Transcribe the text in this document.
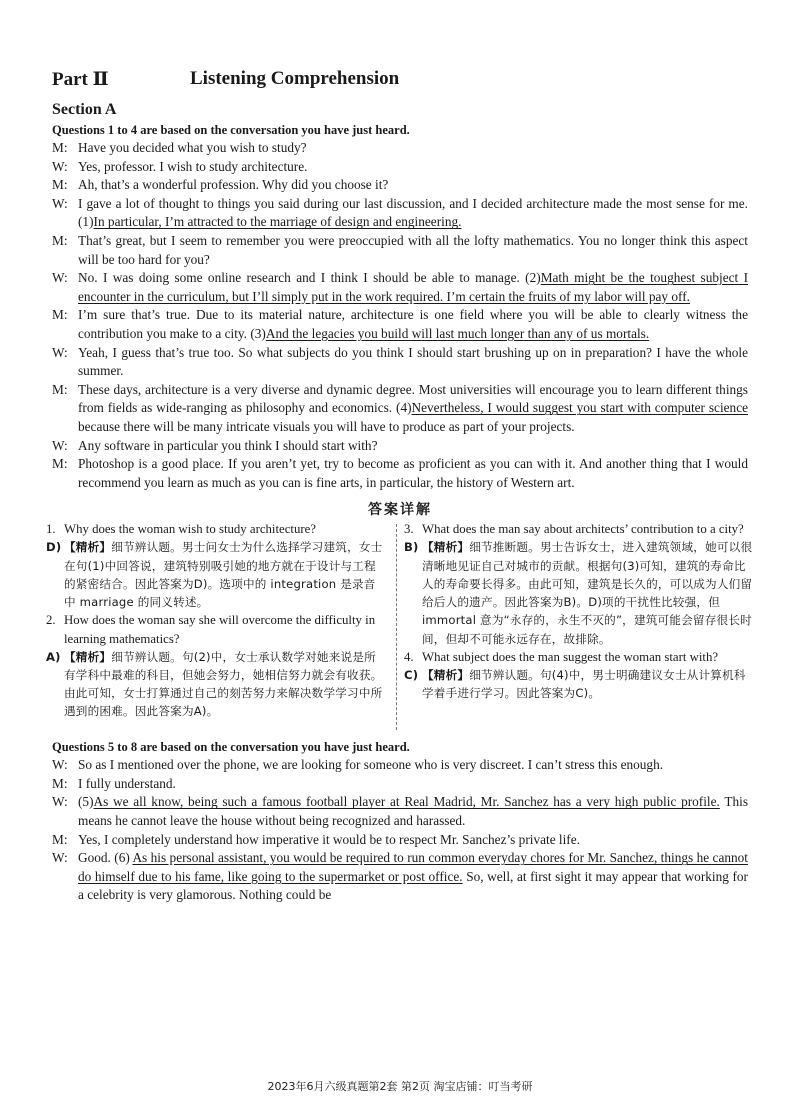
Part Ⅱ	Listening Comprehension
Section A
Questions 1 to 4 are based on the conversation you have just heard.
M: Have you decided what you wish to study?
W: Yes, professor. I wish to study architecture.
M: Ah, that’s a wonderful profession. Why did you choose it?
W: I gave a lot of thought to things you said during our last discussion, and I decided architecture made the most sense for me. (1)In particular, I’m attracted to the marriage of design and engineering.
M: That’s great, but I seem to remember you were preoccupied with all the lofty mathematics. You no longer think this aspect will be too hard for you?
W: No. I was doing some online research and I think I should be able to manage. (2)Math might be the toughest subject I encounter in the curriculum, but I’ll simply put in the work required. I’m certain the fruits of my labor will pay off.
M: I’m sure that’s true. Due to its material nature, architecture is one field where you will be able to clearly witness the contribution you make to a city. (3)And the legacies you build will last much longer than any of us mortals.
W: Yeah, I guess that’s true too. So what subjects do you think I should start brushing up on in preparation? I have the whole summer.
M: These days, architecture is a very diverse and dynamic degree. Most universities will encourage you to learn different things from fields as wide-ranging as philosophy and economics. (4)Nevertheless, I would suggest you start with computer science because there will be many intricate visuals you will have to produce as part of your projects.
W: Any software in particular you think I should start with?
M: Photoshop is a good place. If you aren’t yet, try to become as proficient as you can with it. And another thing that I would recommend you learn as much as you can is fine arts, in particular, the history of Western art.
答案详解
1. Why does the woman wish to study architecture?
D) 【精析】细节辨认题。男士问女士为什么选择学习建筑，女士在句(1)中回答说，建筑特别吸引她的地方就在于设计与工程的紧密结合。因此答案为D)。选项中的 integration 是录音中 marriage 的同义转述。
2. How does the woman say she will overcome the difficulty in learning mathematics?
A) 【精析】细节辨认题。句(2)中，女士承认数学对她来说是所有学科中最难的科目，但她会努力，她相信努力就会有收获。由此可知，女士打算通过自己的刻苦努力来解决数学学习中所遇到的困难。因此答案为A)。
3. What does the man say about architects’ contribution to a city?
B) 【精析】细节推断题。男士告诉女士，进入建筑领域，她可以很清晰地见证自己对城市的贡献。根据句(3)可知，建筑的寿命比人的寿命要长得多。由此可知，建筑是长久的，可以成为人们留给后人的遗产。因此答案为B)。D)项的干扰性比较强，但immortal 意为“永存的，永生不灭的”，建筑可能会留存很长时间，但却不可能永远存在，故排除。
4. What subject does the man suggest the woman start with?
C) 【精析】细节辨认题。句(4)中，男士明确建议女士从计算机科学着手进行学习。因此答案为C)。
Questions 5 to 8 are based on the conversation you have just heard.
W: So as I mentioned over the phone, we are looking for someone who is very discreet. I can’t stress this enough.
M: I fully understand.
W: (5)As we all know, being such a famous football player at Real Madrid, Mr. Sanchez has a very high public profile. This means he cannot leave the house without being recognized and harassed.
M: Yes, I completely understand how imperative it would be to respect Mr. Sanchez’s private life.
W: Good. (6) As his personal assistant, you would be required to run common everyday chores for Mr. Sanchez, things he cannot do himself due to his fame, like going to the supermarket or post office. So, well, at first sight it may appear that working for a celebrity is very glamorous. Nothing could be
2023年6月六级真题第2套 第2页 淘宝店铺：叮当考研
